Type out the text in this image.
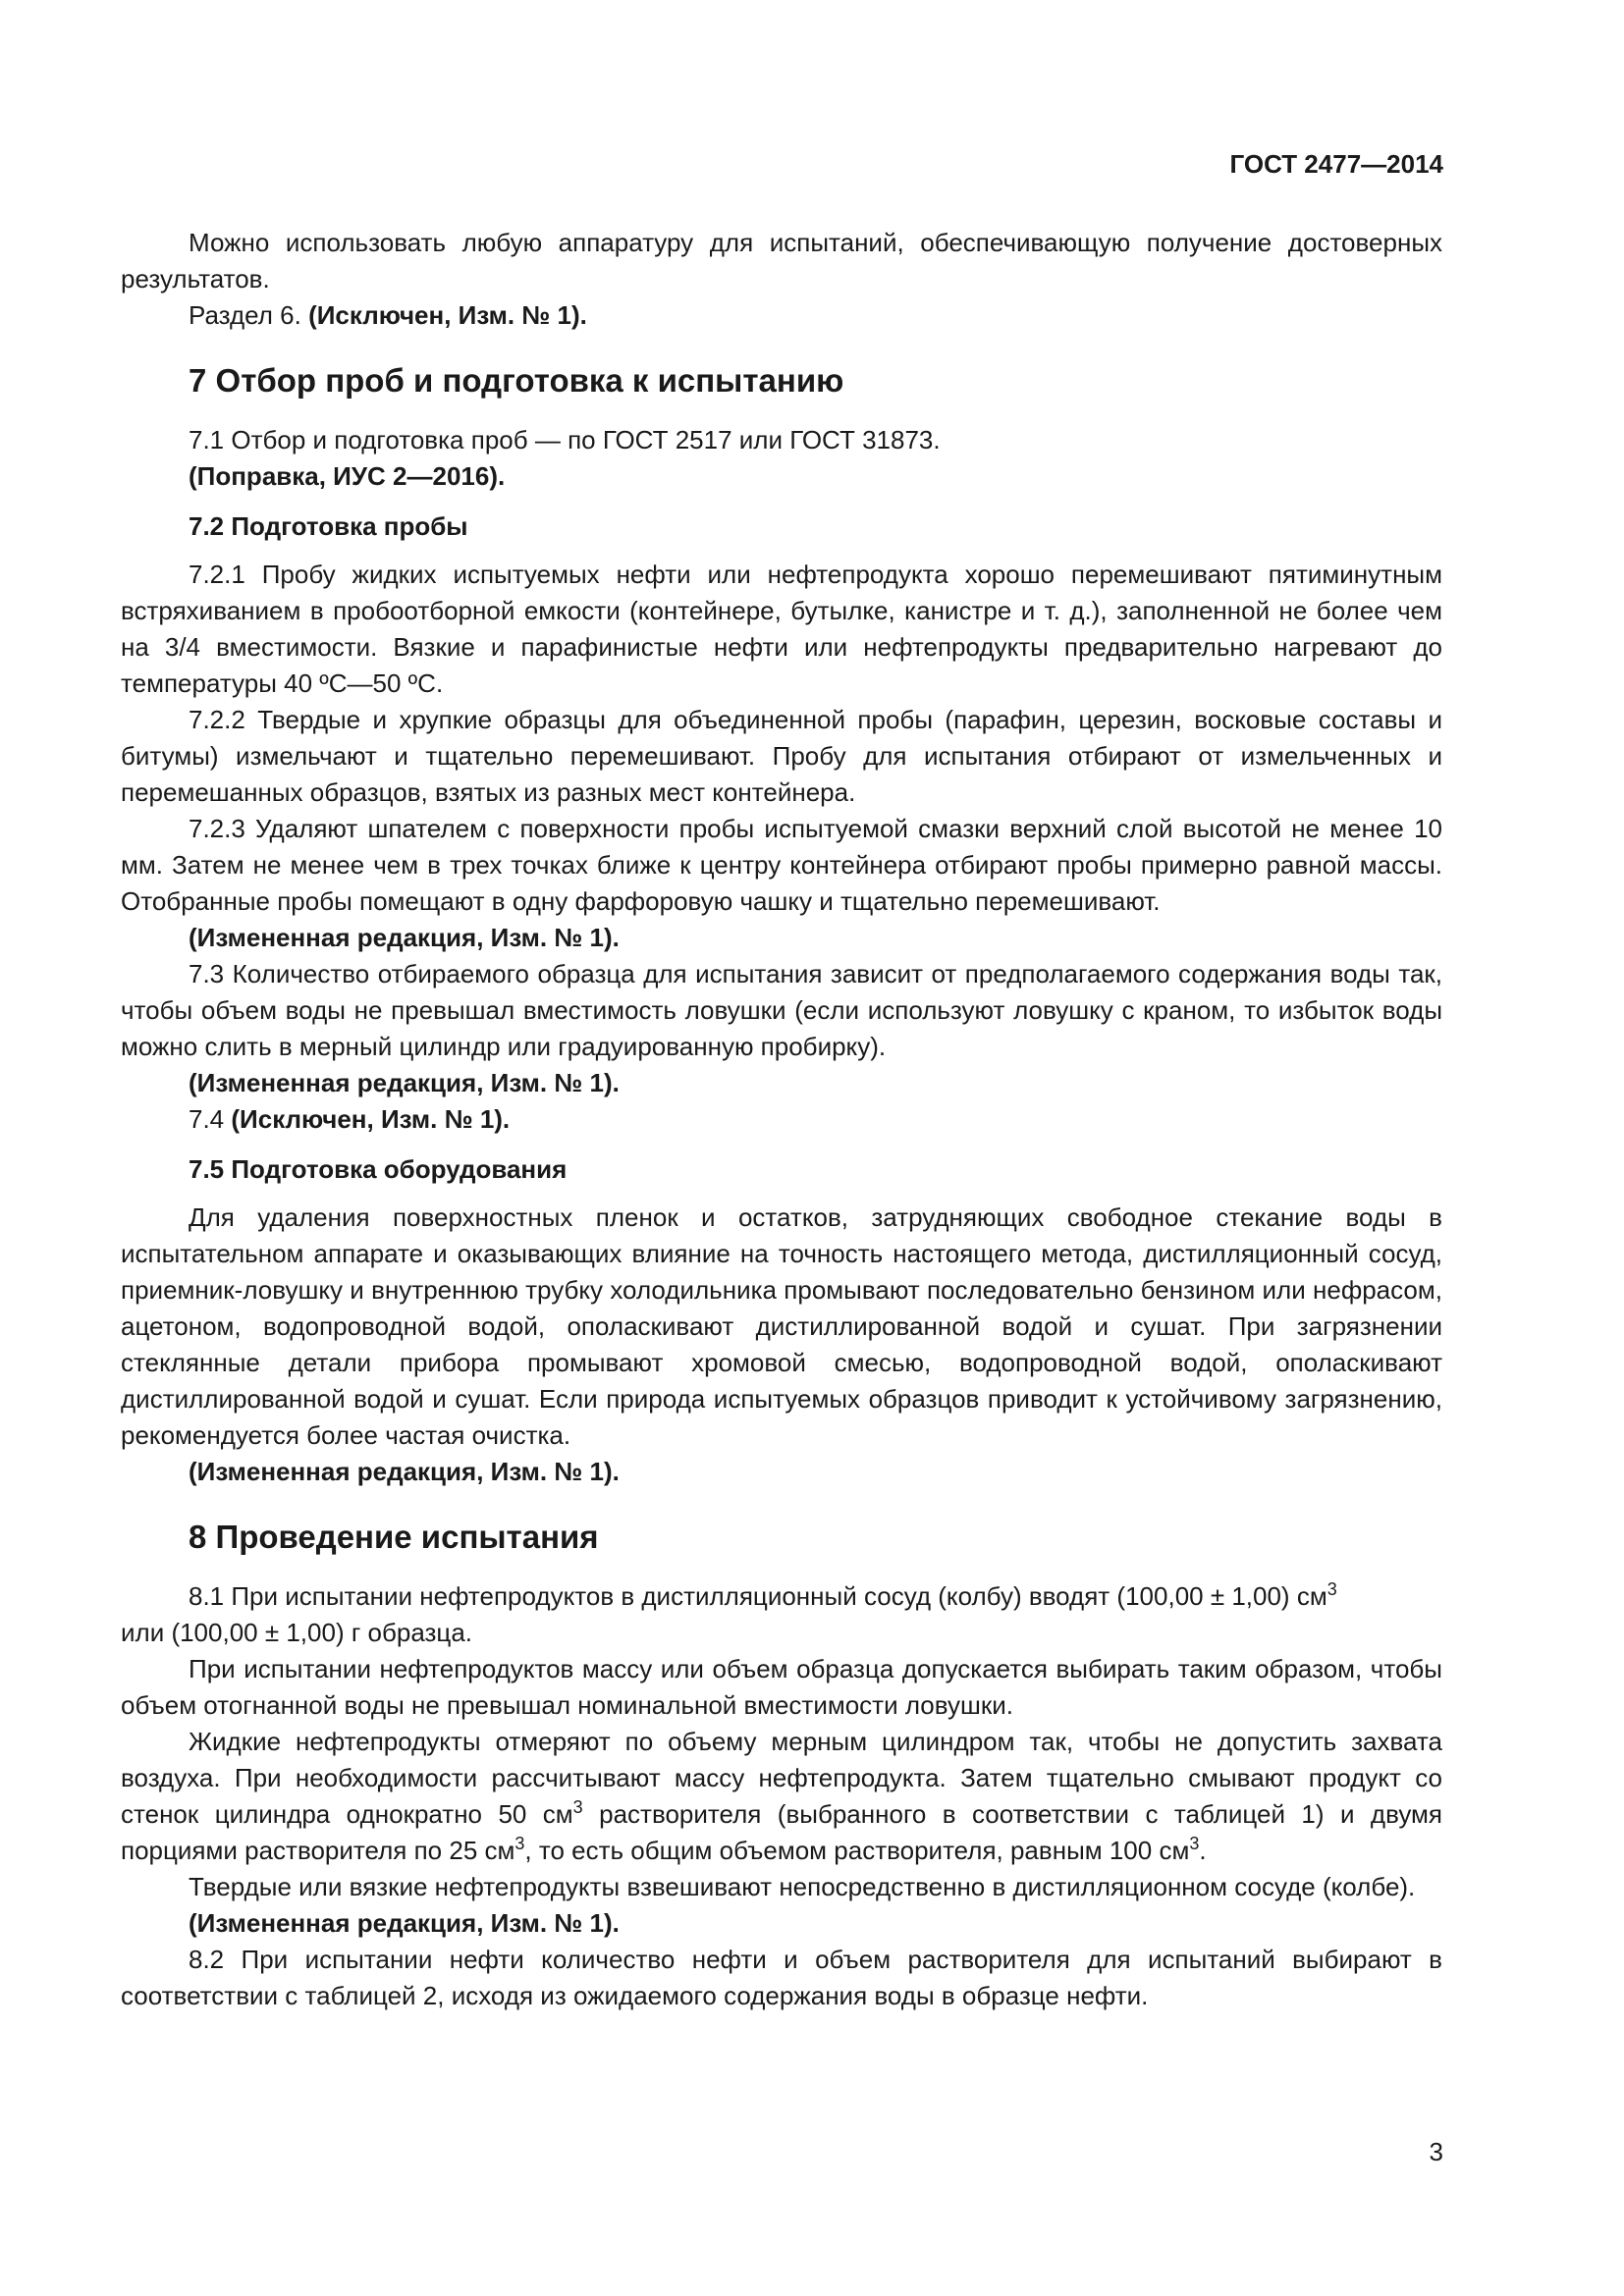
ГОСТ 2477—2014

Можно использовать любую аппаратуру для испытаний, обеспечивающую получение достоверных результатов.

Раздел 6. (Исключен, Изм. № 1).

7 Отбор проб и подготовка к испытанию

7.1 Отбор и подготовка проб — по ГОСТ 2517 или ГОСТ 31873.

(Поправка, ИУС 2—2016).

7.2 Подготовка пробы

7.2.1 Пробу жидких испытуемых нефти или нефтепродукта хорошо перемешивают пятиминутным встряхиванием в пробоотборной емкости (контейнере, бутылке, канистре и т. д.), заполненной не более чем на 3/4 вместимости. Вязкие и парафинистые нефти или нефтепродукты предварительно нагревают до температуры 40 ºC—50 ºC.

7.2.2 Твердые и хрупкие образцы для объединенной пробы (парафин, церезин, восковые составы и битумы) измельчают и тщательно перемешивают. Пробу для испытания отбирают от измельченных и перемешанных образцов, взятых из разных мест контейнера.

7.2.3 Удаляют шпателем с поверхности пробы испытуемой смазки верхний слой высотой не менее 10 мм. Затем не менее чем в трех точках ближе к центру контейнера отбирают пробы примерно равной массы. Отобранные пробы помещают в одну фарфоровую чашку и тщательно перемешивают.

(Измененная редакция, Изм. № 1).

7.3 Количество отбираемого образца для испытания зависит от предполагаемого содержания воды так, чтобы объем воды не превышал вместимость ловушки (если используют ловушку с краном, то избыток воды можно слить в мерный цилиндр или градуированную пробирку).

(Измененная редакция, Изм. № 1).

7.4 (Исключен, Изм. № 1).

7.5 Подготовка оборудования

Для удаления поверхностных пленок и остатков, затрудняющих свободное стекание воды в испытательном аппарате и оказывающих влияние на точность настоящего метода, дистилляционный сосуд, приемник-ловушку и внутреннюю трубку холодильника промывают последовательно бензином или нефрасом, ацетоном, водопроводной водой, ополаскивают дистиллированной водой и сушат. При загрязнении стеклянные детали прибора промывают хромовой смесью, водопроводной водой, ополаскивают дистиллированной водой и сушат. Если природа испытуемых образцов приводит к устойчивому загрязнению, рекомендуется более частая очистка.

(Измененная редакция, Изм. № 1).

8 Проведение испытания

8.1 При испытании нефтепродуктов в дистилляционный сосуд (колбу) вводят (100,00 ± 1,00) $см^3$

или (100,00 ± 1,00) г образца.

При испытании нефтепродуктов массу или объем образца допускается выбирать таким образом, чтобы объем отогнанной воды не превышал номинальной вместимости ловушки.

Жидкие нефтепродукты отмеряют по объему мерным цилиндром так, чтобы не допустить захвата воздуха. При необходимости рассчитывают массу нефтепродукта. Затем тщательно смывают продукт со стенок цилиндра однократно 50 $см^3$ растворителя (выбранного в соответствии с таблицей 1) и двумя порциями растворителя по 25 $см^3$, то есть общим объемом растворителя, равным 100 $см^3$.

Твердые или вязкие нефтепродукты взвешивают непосредственно в дистилляционном сосуде (колбе).

(Измененная редакция, Изм. № 1).

8.2 При испытании нефти количество нефти и объем растворителя для испытаний выбирают в соответствии с таблицей 2, исходя из ожидаемого содержания воды в образце нефти.

3
